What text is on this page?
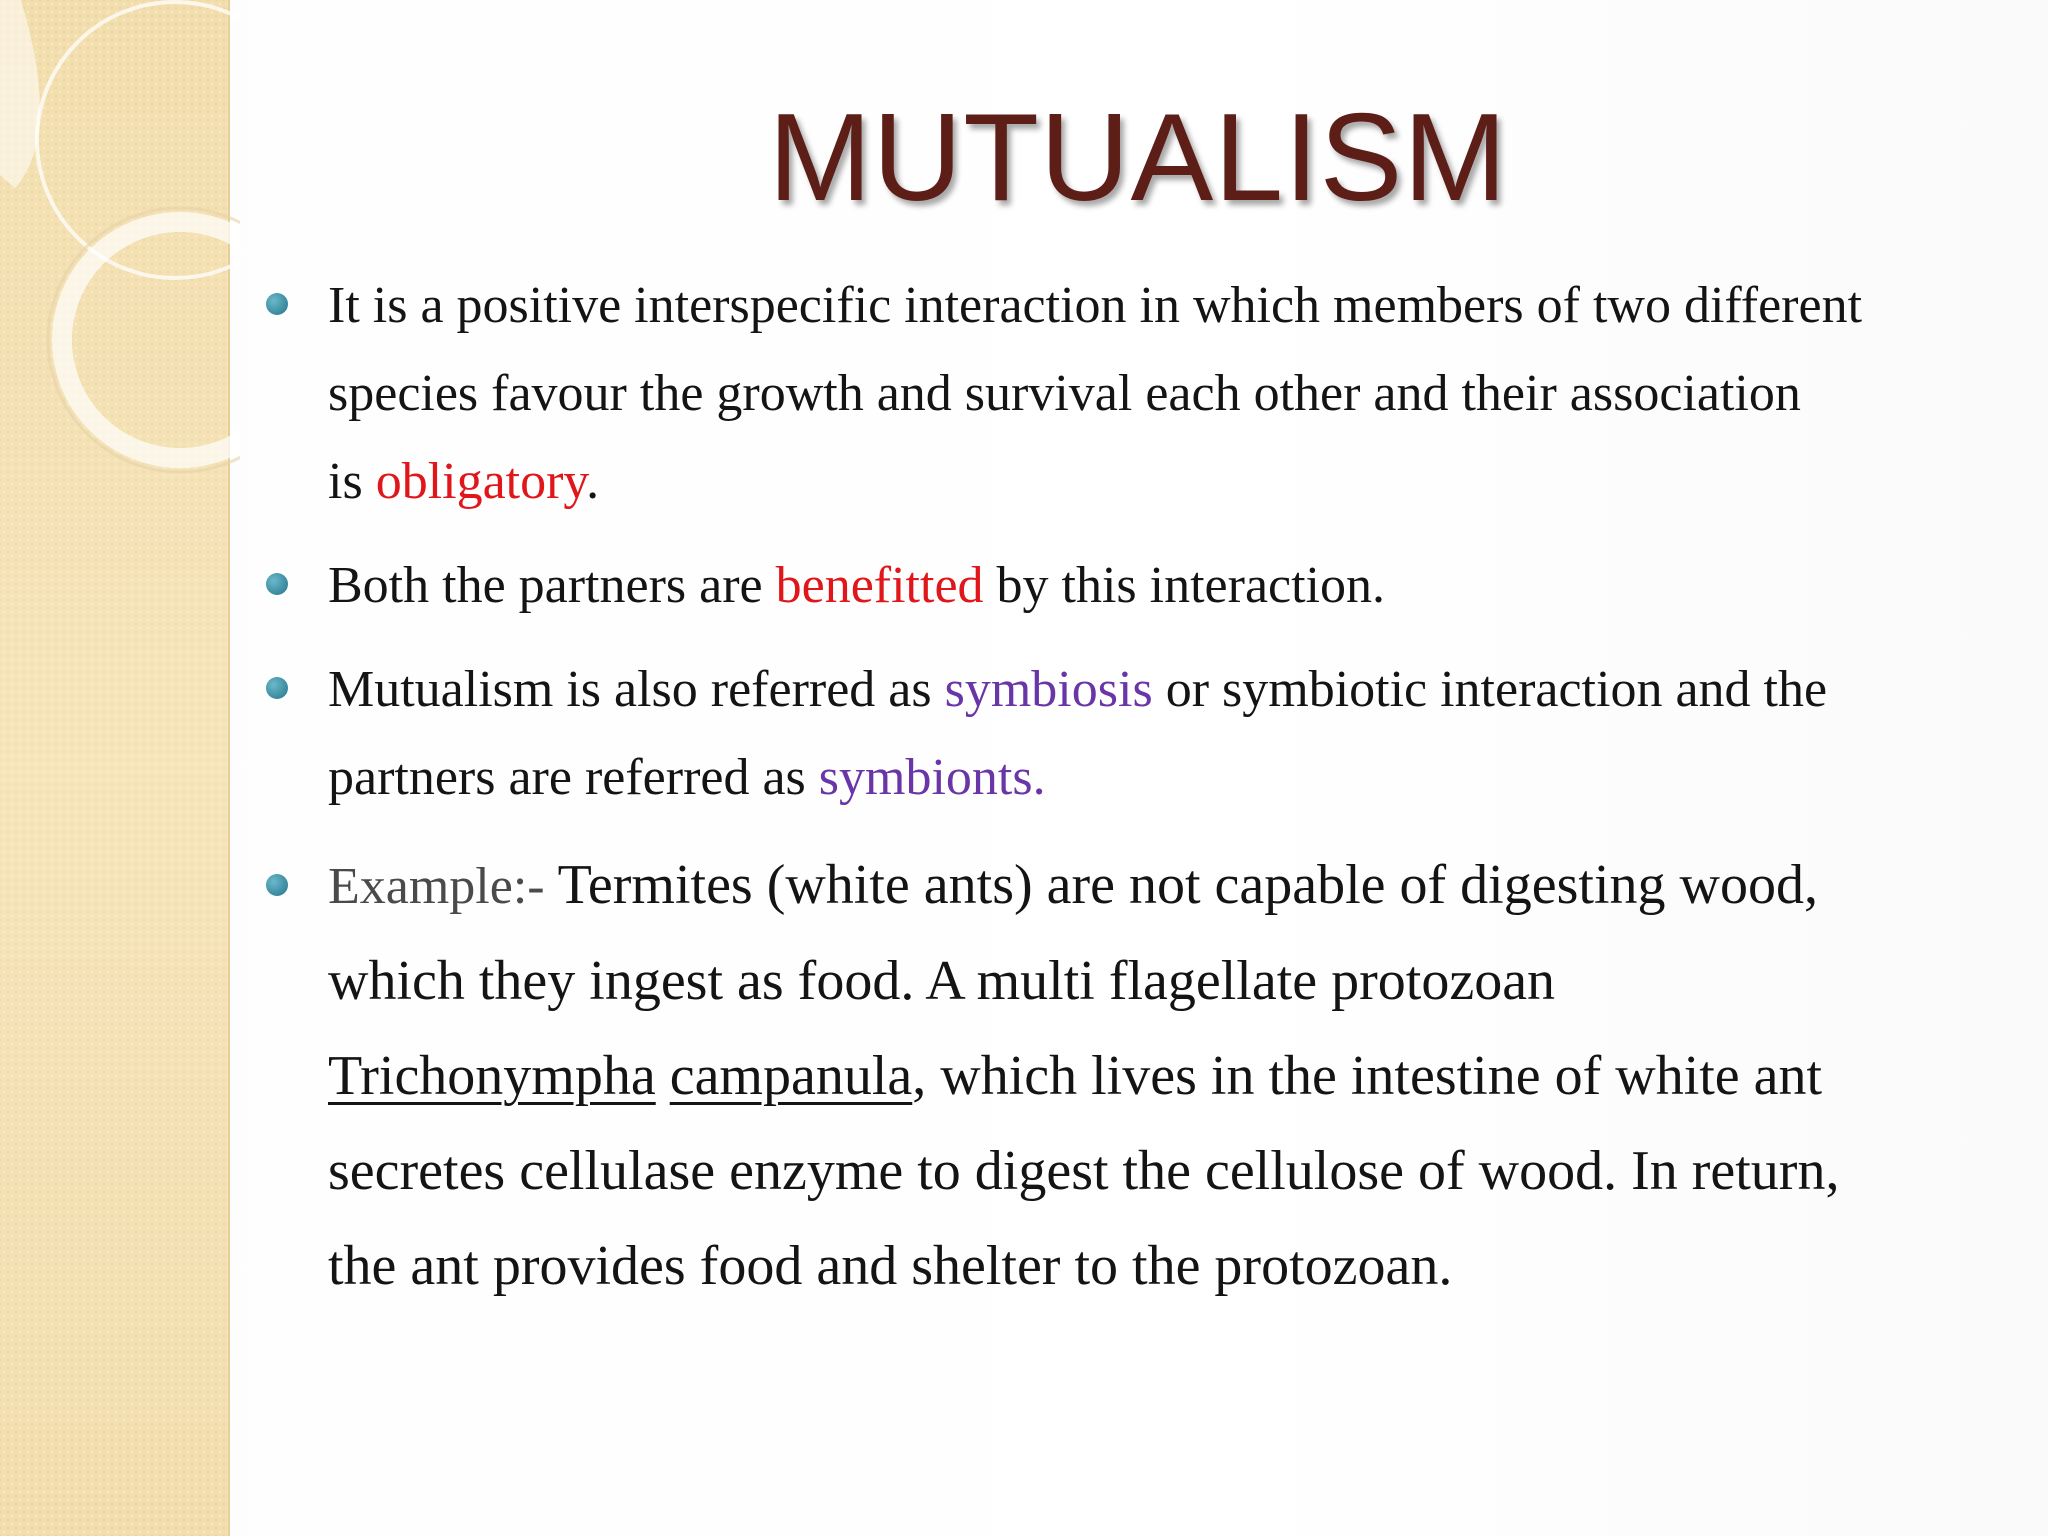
MUTUALISM
It is a positive interspecific interaction in which members of two different
species favour the growth and survival each other and their association
is obligatory.
Both the partners are benefitted by this interaction.
Mutualism is also referred as symbiosis or symbiotic interaction and the
partners are referred as symbionts.
Example:- Termites (white ants) are not capable of digesting wood,
which they ingest as food. A multi flagellate protozoan
Trichonympha campanula, which lives in the intestine of white ant
secretes cellulase enzyme to digest the cellulose of wood. In return,
the ant provides food and shelter to the protozoan.
